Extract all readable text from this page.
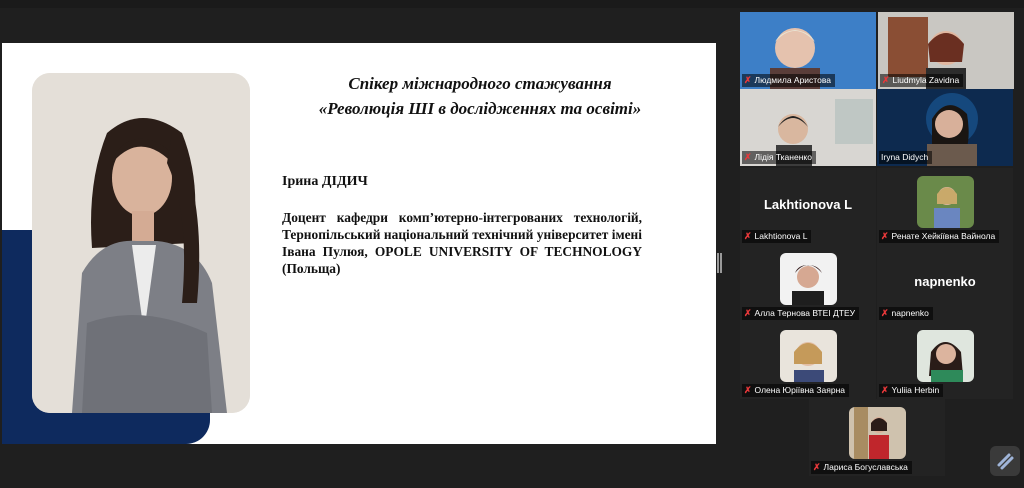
Спікер міжнародного стажування
«Революція ШІ в дослідженнях та освіті»
Ірина ДІДИЧ
Доцент кафедри комп’ютерно-інтегрованих технологій, Тернопільський національний технічний університет імені Івана Пулюя, OPOLE UNIVERSITY OF TECHNOLOGY (Польща)
✗ Людмила Аристова	✗ Liudmyla Zavidna
✗ Лідія Тканенко	Iryna Didych
Lakhtionova L
✗ Lakhtionova L	✗ Ренате Хейкіївна Вайнола
✗ Алла Тернова ВТЕІ ДТЕУ
napnenko
✗ napnenko
✗ Олена Юріївна Заярна	✗ Yuliia Herbin
✗ Лариса Богуславська
